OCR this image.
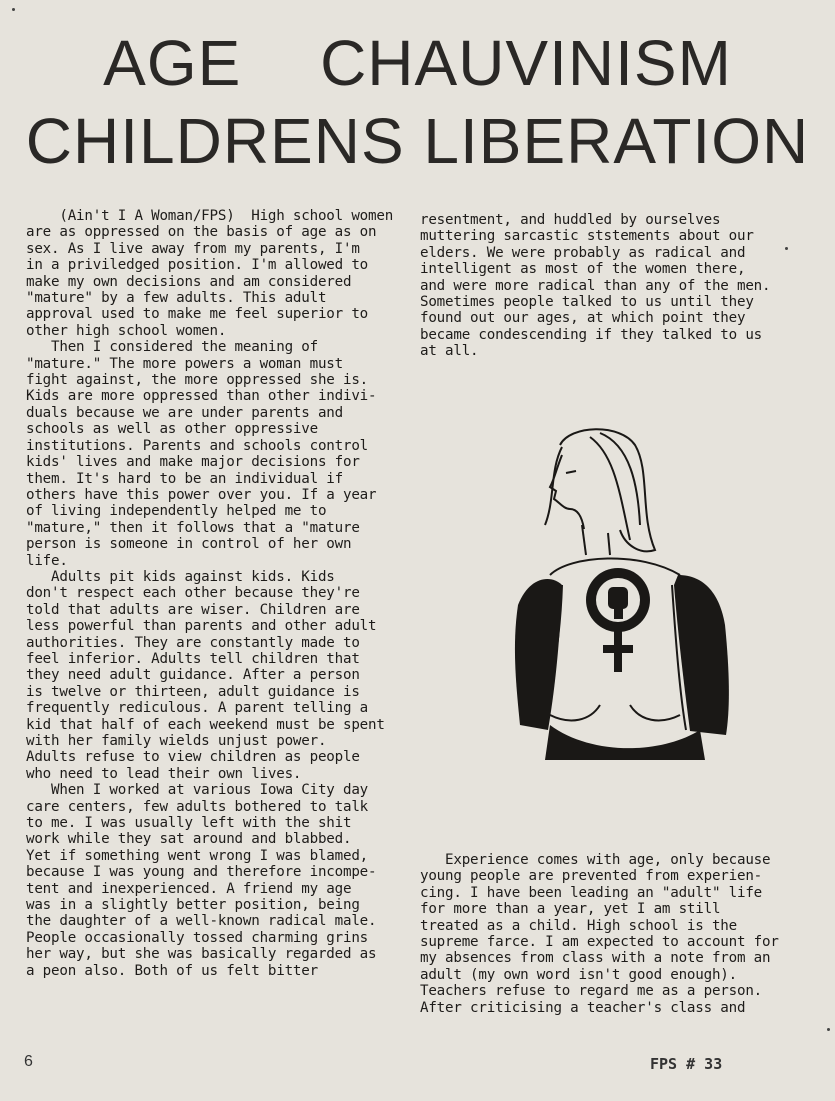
AGE CHAUVINISM
CHILDRENS LIBERATION
(Ain't I A Woman/FPS)  High school women
are as oppressed on the basis of age as on
sex. As I live away from my parents, I'm
in a priviledged position. I'm allowed to
make my own decisions and am considered
"mature" by a few adults. This adult
approval used to make me feel superior to
other high school women.
Then I considered the meaning of
"mature." The more powers a woman must
fight against, the more oppressed she is.
Kids are more oppressed than other indivi-
duals because we are under parents and
schools as well as other oppressive
institutions. Parents and schools control
kids' lives and make major decisions for
them. It's hard to be an individual if
others have this power over you. If a year
of living independently helped me to
"mature," then it follows that a "mature
person is someone in control of her own
life.
Adults pit kids against kids. Kids
don't respect each other because they're
told that adults are wiser. Children are
less powerful than parents and other adult
authorities. They are constantly made to
feel inferior. Adults tell children that
they need adult guidance. After a person
is twelve or thirteen, adult guidance is
frequently rediculous. A parent telling a
kid that half of each weekend must be spent
with her family wields unjust power.
Adults refuse to view children as people
who need to lead their own lives.
When I worked at various Iowa City day
care centers, few adults bothered to talk
to me. I was usually left with the shit
work while they sat around and blabbed.
Yet if something went wrong I was blamed,
because I was young and therefore incompe-
tent and inexperienced. A friend my age
was in a slightly better position, being
the daughter of a well-known radical male.
People occasionally tossed charming grins
her way, but she was basically regarded as
a peon also. Both of us felt bitter
resentment, and huddled by ourselves
muttering sarcastic ststements about our
elders. We were probably as radical and
intelligent as most of the women there,
and were more radical than any of the men.
Sometimes people talked to us until they
found out our ages, at which point they
became condescending if they talked to us
at all.
Experience comes with age, only because
young people are prevented from experien-
cing. I have been leading an "adult" life
for more than a year, yet I am still
treated as a child. High school is the
supreme farce. I am expected to account for
my absences from class with a note from an
adult (my own word isn't good enough).
Teachers refuse to regard me as a person.
After criticising a teacher's class and
6	FPS # 33
